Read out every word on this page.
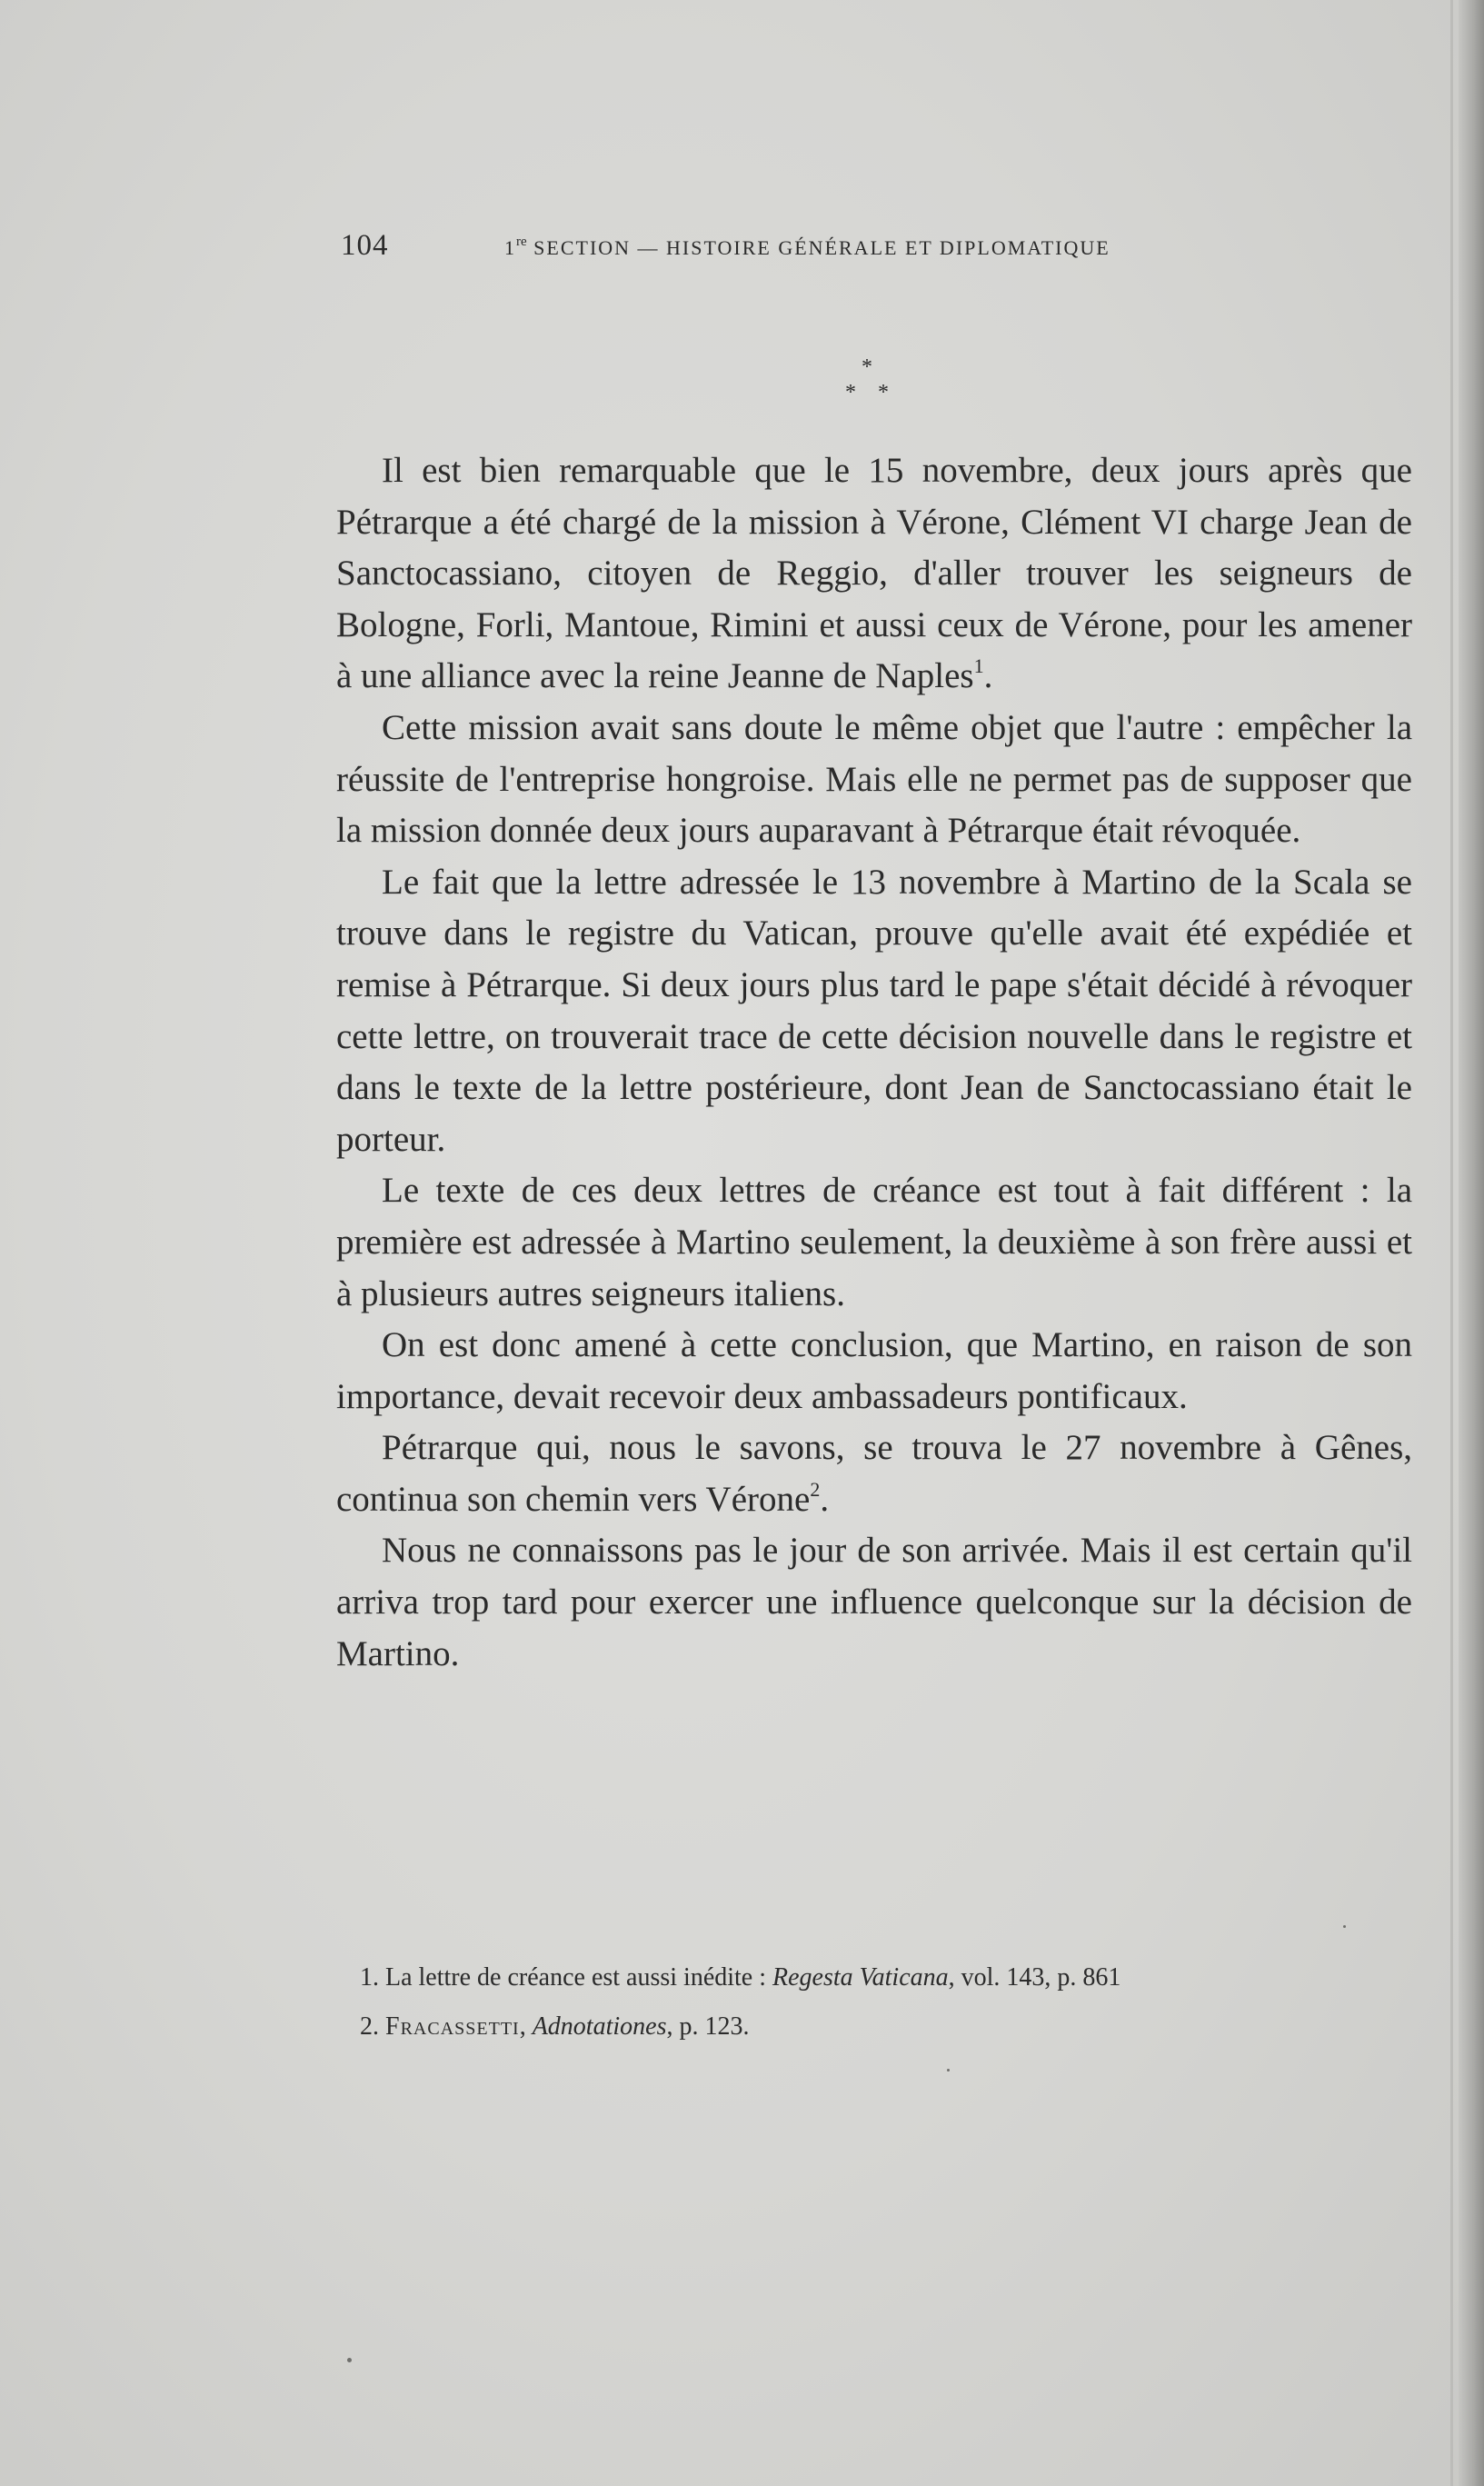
104	1re SECTION — HISTOIRE GÉNÉRALE ET DIPLOMATIQUE
*
* *

Il est bien remarquable que le 15 novembre, deux jours après que Pétrarque a été chargé de la mission à Vérone, Clément VI charge Jean de Sanctocassiano, citoyen de Reggio, d'aller trouver les seigneurs de Bologne, Forli, Mantoue, Rimini et aussi ceux de Vérone, pour les amener à une alliance avec la reine Jeanne de Naples$^1$.

Cette mission avait sans doute le même objet que l'autre : empêcher la réussite de l'entreprise hongroise. Mais elle ne permet pas de supposer que la mission donnée deux jours auparavant à Pétrarque était révoquée.

Le fait que la lettre adressée le 13 novembre à Martino de la Scala se trouve dans le registre du Vatican, prouve qu'elle avait été expédiée et remise à Pétrarque. Si deux jours plus tard le pape s'était décidé à révoquer cette lettre, on trouverait trace de cette décision nouvelle dans le registre et dans le texte de la lettre postérieure, dont Jean de Sanctocassiano était le porteur.

Le texte de ces deux lettres de créance est tout à fait différent : la première est adressée à Martino seulement, la deuxième à son frère aussi et à plusieurs autres seigneurs italiens.

On est donc amené à cette conclusion, que Martino, en raison de son importance, devait recevoir deux ambassadeurs pontificaux.

Pétrarque qui, nous le savons, se trouva le 27 novembre à Gênes, continua son chemin vers Vérone$^2$.

Nous ne connaissons pas le jour de son arrivée. Mais il est certain qu'il arriva trop tard pour exercer une influence quelconque sur la décision de Martino.

1. La lettre de créance est aussi inédite : Regesta Vaticana, vol. 143, p. 861

2. Fracassetti, Adnotationes, p. 123.
